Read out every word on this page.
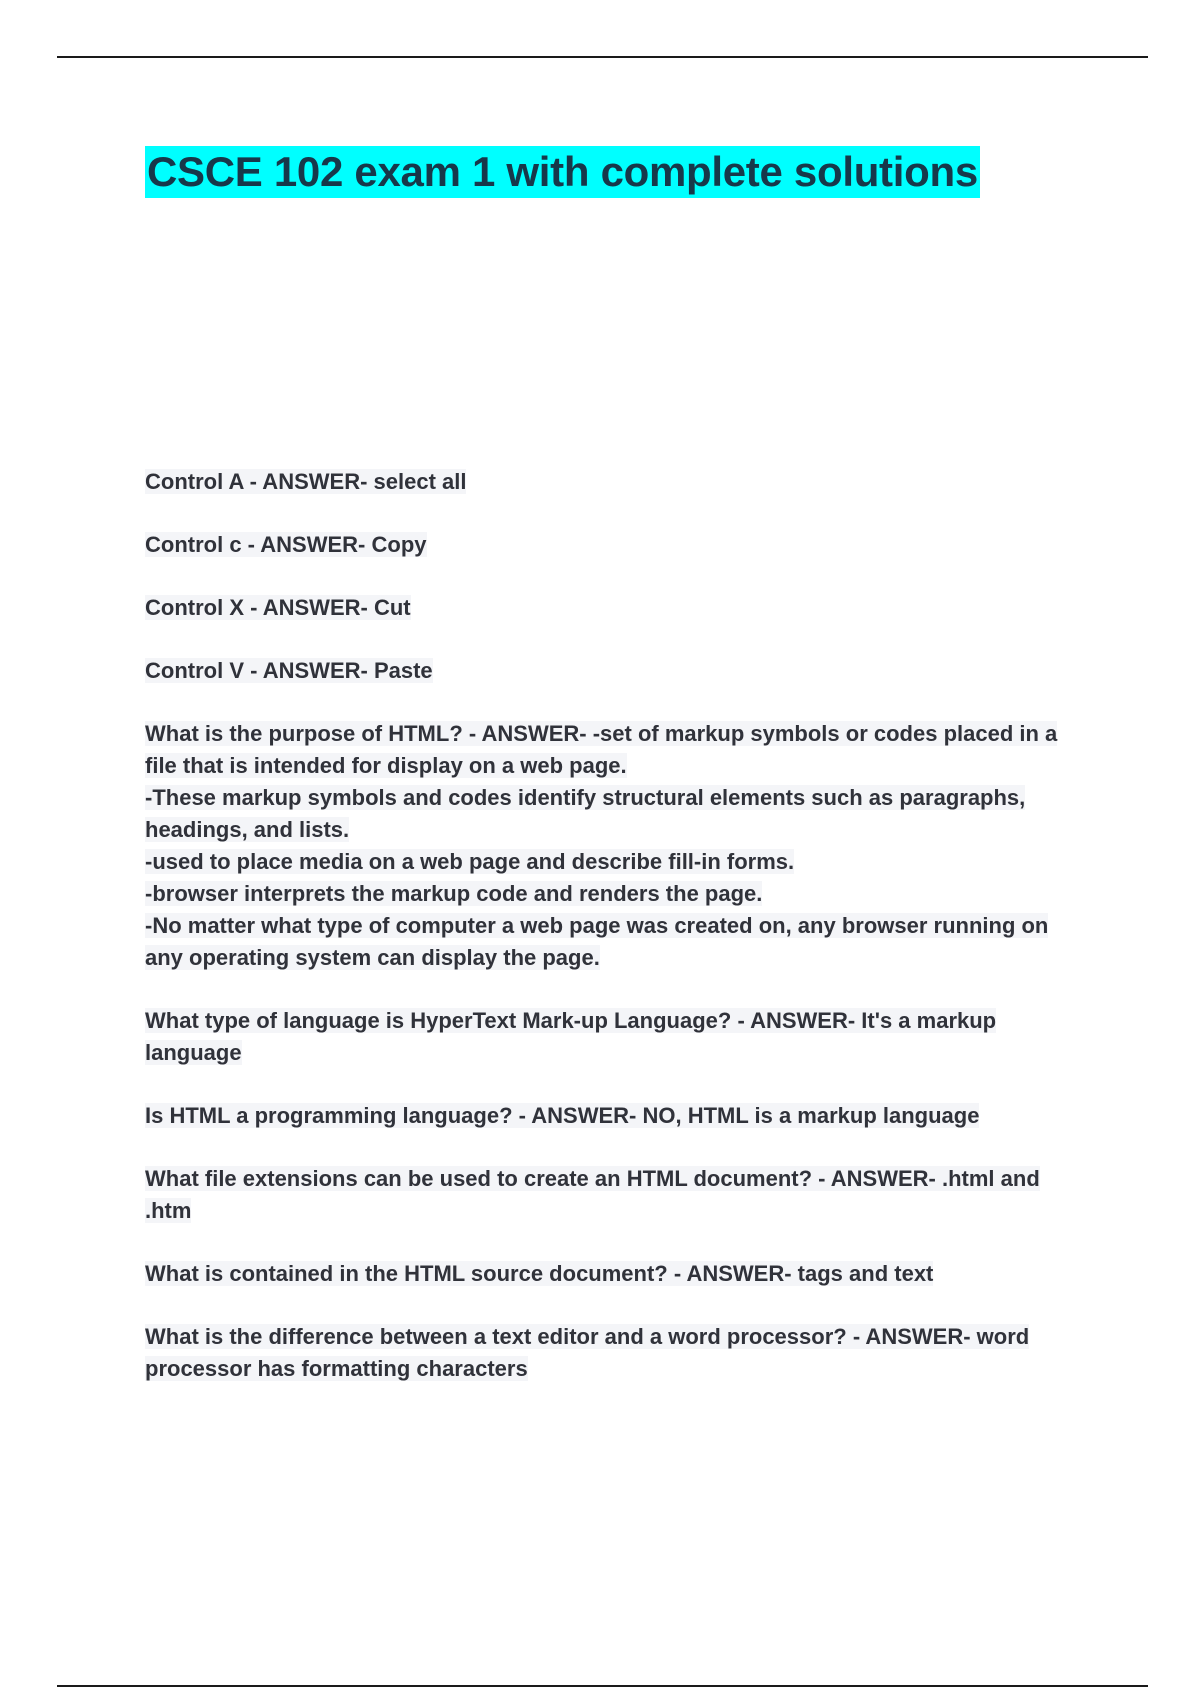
CSCE 102 exam 1 with complete solutions

Control A - ANSWER- select all

Control c - ANSWER- Copy

Control X - ANSWER- Cut

Control V - ANSWER- Paste

What is the purpose of HTML? - ANSWER- -set of markup symbols or codes placed in a file that is intended for display on a web page.
-These markup symbols and codes identify structural elements such as paragraphs, headings, and lists.
-used to place media on a web page and describe fill-in forms.
-browser interprets the markup code and renders the page.
-No matter what type of computer a web page was created on, any browser running on any operating system can display the page.

What type of language is HyperText Mark-up Language? - ANSWER- It's a markup language

Is HTML a programming language? - ANSWER- NO, HTML is a markup language

What file extensions can be used to create an HTML document? - ANSWER- .html and .htm

What is contained in the HTML source document? - ANSWER- tags and text

What is the difference between a text editor and a word processor? - ANSWER- word processor has formatting characters
